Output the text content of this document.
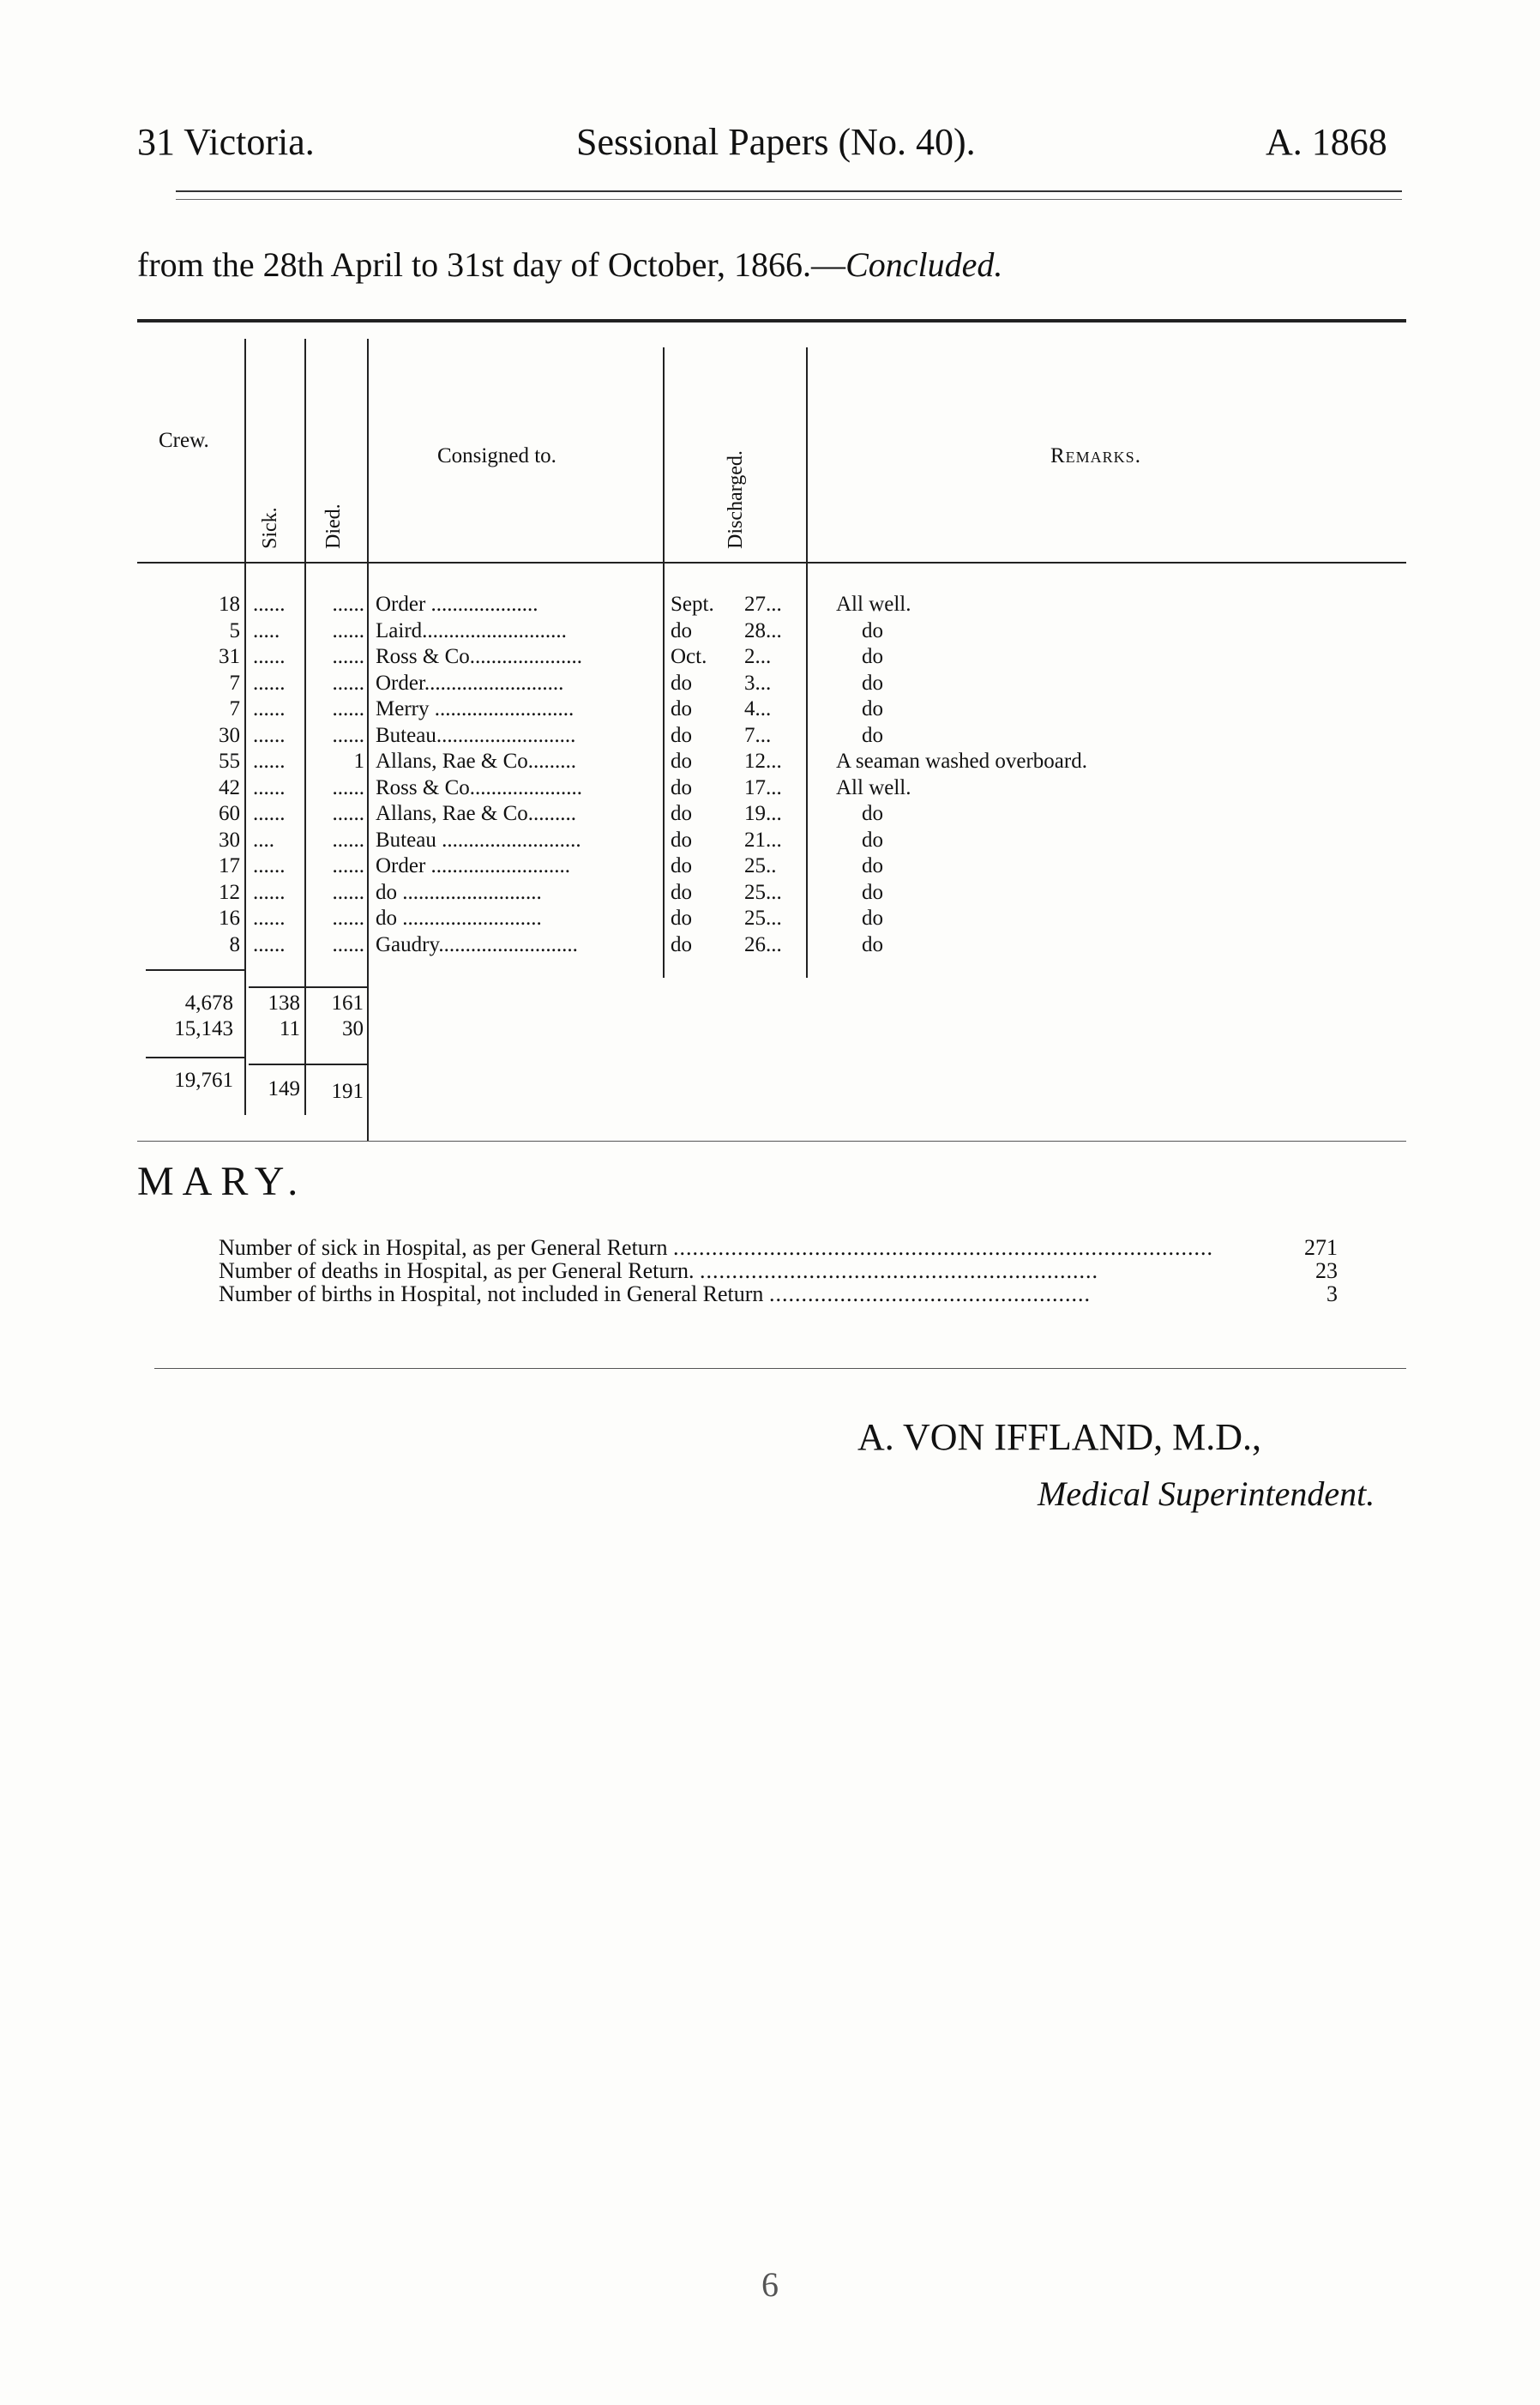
31 Victoria.	Sessional Papers (No. 40).	A. 1868
from the 28th April to 31st day of October, 1866.—Concluded.
Crew.
Sick. Died.
Consigned to.	Discharged.	Remarks.
18 ......	...... Order ....................	Sept. 27...	All well.
5 .....	...... Laird...........................	do 28...	do
31 ......	...... Ross & Co.....................	Oct. 2...	do
7 ......	...... Order..........................	do 3...	do
7 ......	...... Merry ..........................	do 4...	do
30 ......	...... Buteau..........................	do 7...	do
55 ......	1 Allans, Rae & Co.........	do 12...	A seaman washed overboard.
42 ......	...... Ross & Co.....................	do 17...	All well.
60 ......	...... Allans, Rae & Co.........	do 19...	do
30 ....	...... Buteau ..........................	do 21...	do
17 ......	...... Order ..........................	do 25..	do
12 ......	...... do ..........................	do 25...	do
16 ......	...... do ..........................	do 25...	do
8 ......	...... Gaudry..........................	do 26...	do
4,678	138	161
15,143	11	30
19,761	149	191
MARY.
Number of sick in Hospital, as per General Return ....................................................................................	271
Number of deaths in Hospital, as per General Return. ..............................................................	23
Number of births in Hospital, not included in General Return ..................................................	3
A. VON IFFLAND, M.D.,
Medical Superintendent.
6
